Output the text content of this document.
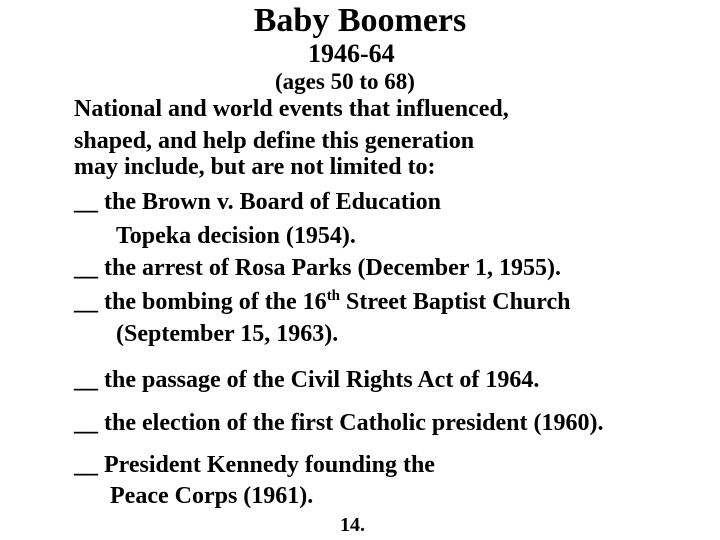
Baby Boomers
1946-64
(ages 50 to 68)
National and world events that influenced,
shaped, and help define this generation
may include, but are not limited to:
__ the Brown v. Board of Education
Topeka decision (1954).
__ the arrest of Rosa Parks (December 1, 1955).
__ the bombing of the 16th Street Baptist Church
(September 15, 1963).
__ the passage of the Civil Rights Act of 1964.
__ the election of the first Catholic president (1960).
__ President Kennedy founding the
Peace Corps (1961).
14.
